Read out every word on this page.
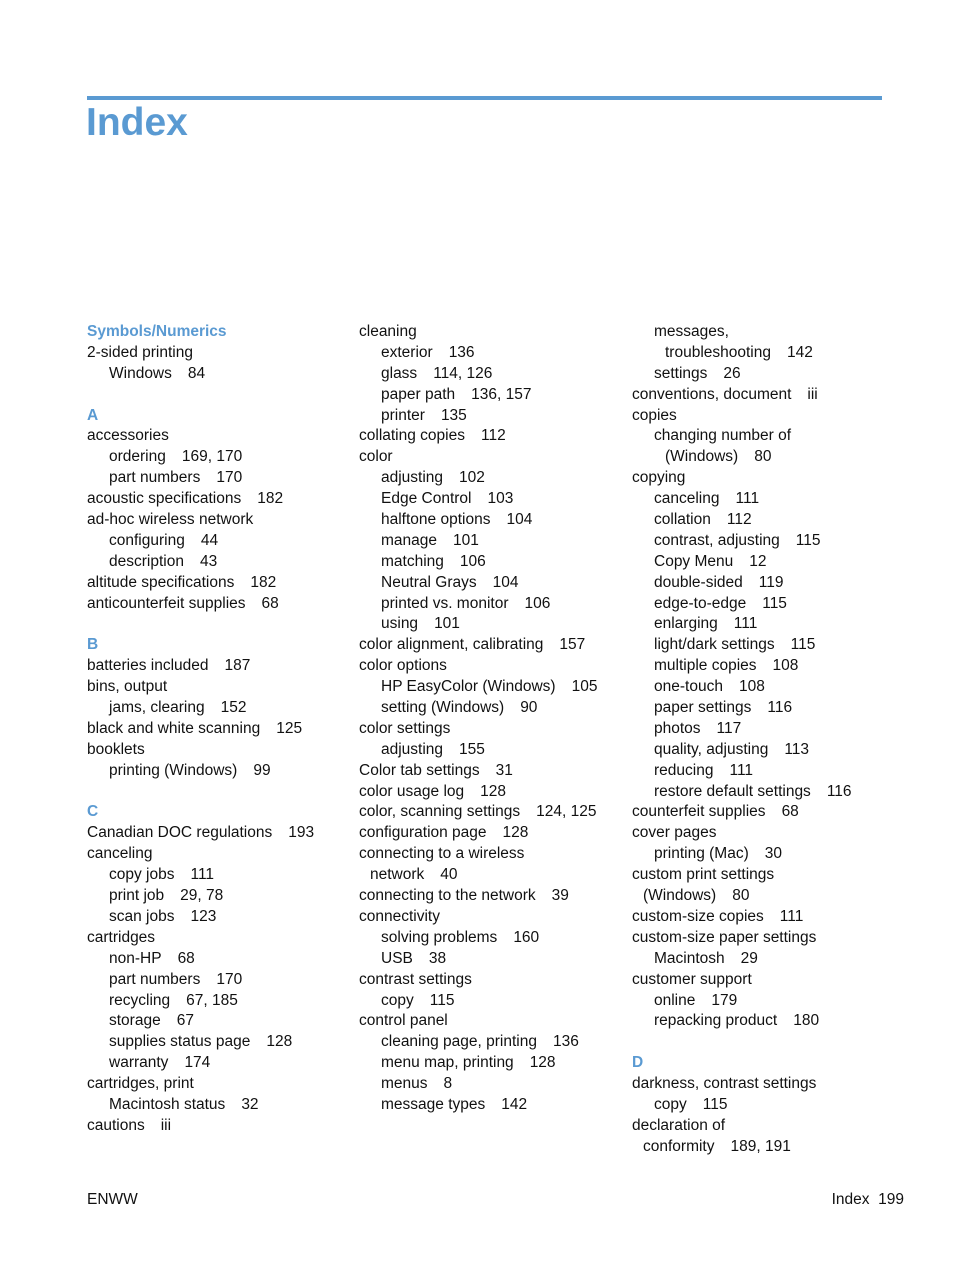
Index
Symbols/Numerics
2-sided printing
Windows 84
A
accessories
ordering 169, 170
part numbers 170
acoustic specifications 182
ad-hoc wireless network
configuring 44
description 43
altitude specifications 182
anticounterfeit supplies 68
B
batteries included 187
bins, output
jams, clearing 152
black and white scanning 125
booklets
printing (Windows) 99
C
Canadian DOC regulations 193
canceling
copy jobs 111
print job 29, 78
scan jobs 123
cartridges
non-HP 68
part numbers 170
recycling 67, 185
storage 67
supplies status page 128
warranty 174
cartridges, print
Macintosh status 32
cautions iii
cleaning
exterior 136
glass 114, 126
paper path 136, 157
printer 135
collating copies 112
color
adjusting 102
Edge Control 103
halftone options 104
manage 101
matching 106
Neutral Grays 104
printed vs. monitor 106
using 101
color alignment, calibrating 157
color options
HP EasyColor (Windows) 105
setting (Windows) 90
color settings
adjusting 155
Color tab settings 31
color usage log 128
color, scanning settings 124, 125
configuration page 128
connecting to a wireless
network 40
connecting to the network 39
connectivity
solving problems 160
USB 38
contrast settings
copy 115
control panel
cleaning page, printing 136
menu map, printing 128
menus 8
message types 142
messages,
troubleshooting 142
settings 26
conventions, document iii
copies
changing number of
(Windows) 80
copying
canceling 111
collation 112
contrast, adjusting 115
Copy Menu 12
double-sided 119
edge-to-edge 115
enlarging 111
light/dark settings 115
multiple copies 108
one-touch 108
paper settings 116
photos 117
quality, adjusting 113
reducing 111
restore default settings 116
counterfeit supplies 68
cover pages
printing (Mac) 30
custom print settings
(Windows) 80
custom-size copies 111
custom-size paper settings
Macintosh 29
customer support
online 179
repacking product 180
D
darkness, contrast settings
copy 115
declaration of
conformity 189, 191
ENWW	Index  199
